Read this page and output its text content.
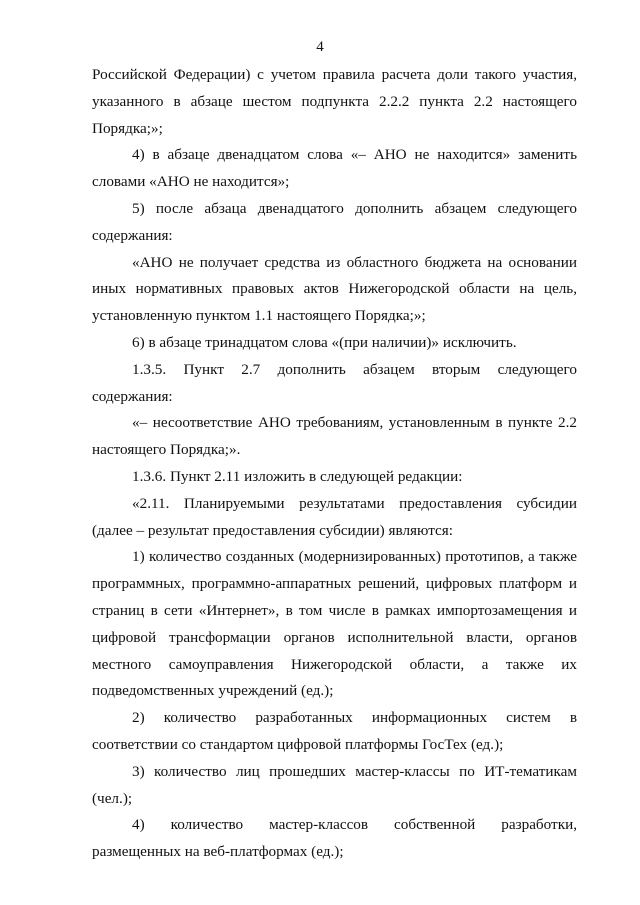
4

Российской Федерации) с учетом правила расчета доли такого участия, указанного в абзаце шестом подпункта 2.2.2 пункта 2.2 настоящего Порядка;»;

4) в абзаце двенадцатом слова «– АНО не находится» заменить словами «АНО не находится»;

5) после абзаца двенадцатого дополнить абзацем следующего содержания:

«АНО не получает средства из областного бюджета на основании иных нормативных правовых актов Нижегородской области на цель, установленную пунктом 1.1 настоящего Порядка;»;

6) в абзаце тринадцатом слова «(при наличии)» исключить.

1.3.5. Пункт 2.7 дополнить абзацем вторым следующего содержания:

«– несоответствие АНО требованиям, установленным в пункте 2.2 настоящего Порядка;».

1.3.6. Пункт 2.11 изложить в следующей редакции:

«2.11. Планируемыми результатами предоставления субсидии (далее – результат предоставления субсидии) являются:

1) количество созданных (модернизированных) прототипов, а также программных, программно-аппаратных решений, цифровых платформ и страниц в сети «Интернет», в том числе в рамках импортозамещения и цифровой трансформации органов исполнительной власти, органов местного самоуправления Нижегородской области, а также их подведомственных учреждений (ед.);

2) количество разработанных информационных систем в соответствии со стандартом цифровой платформы ГосТех (ед.);

3) количество лиц прошедших мастер-классы по ИТ-тематикам (чел.);

4) количество мастер-классов собственной разработки, размещенных на веб-платформах (ед.);
